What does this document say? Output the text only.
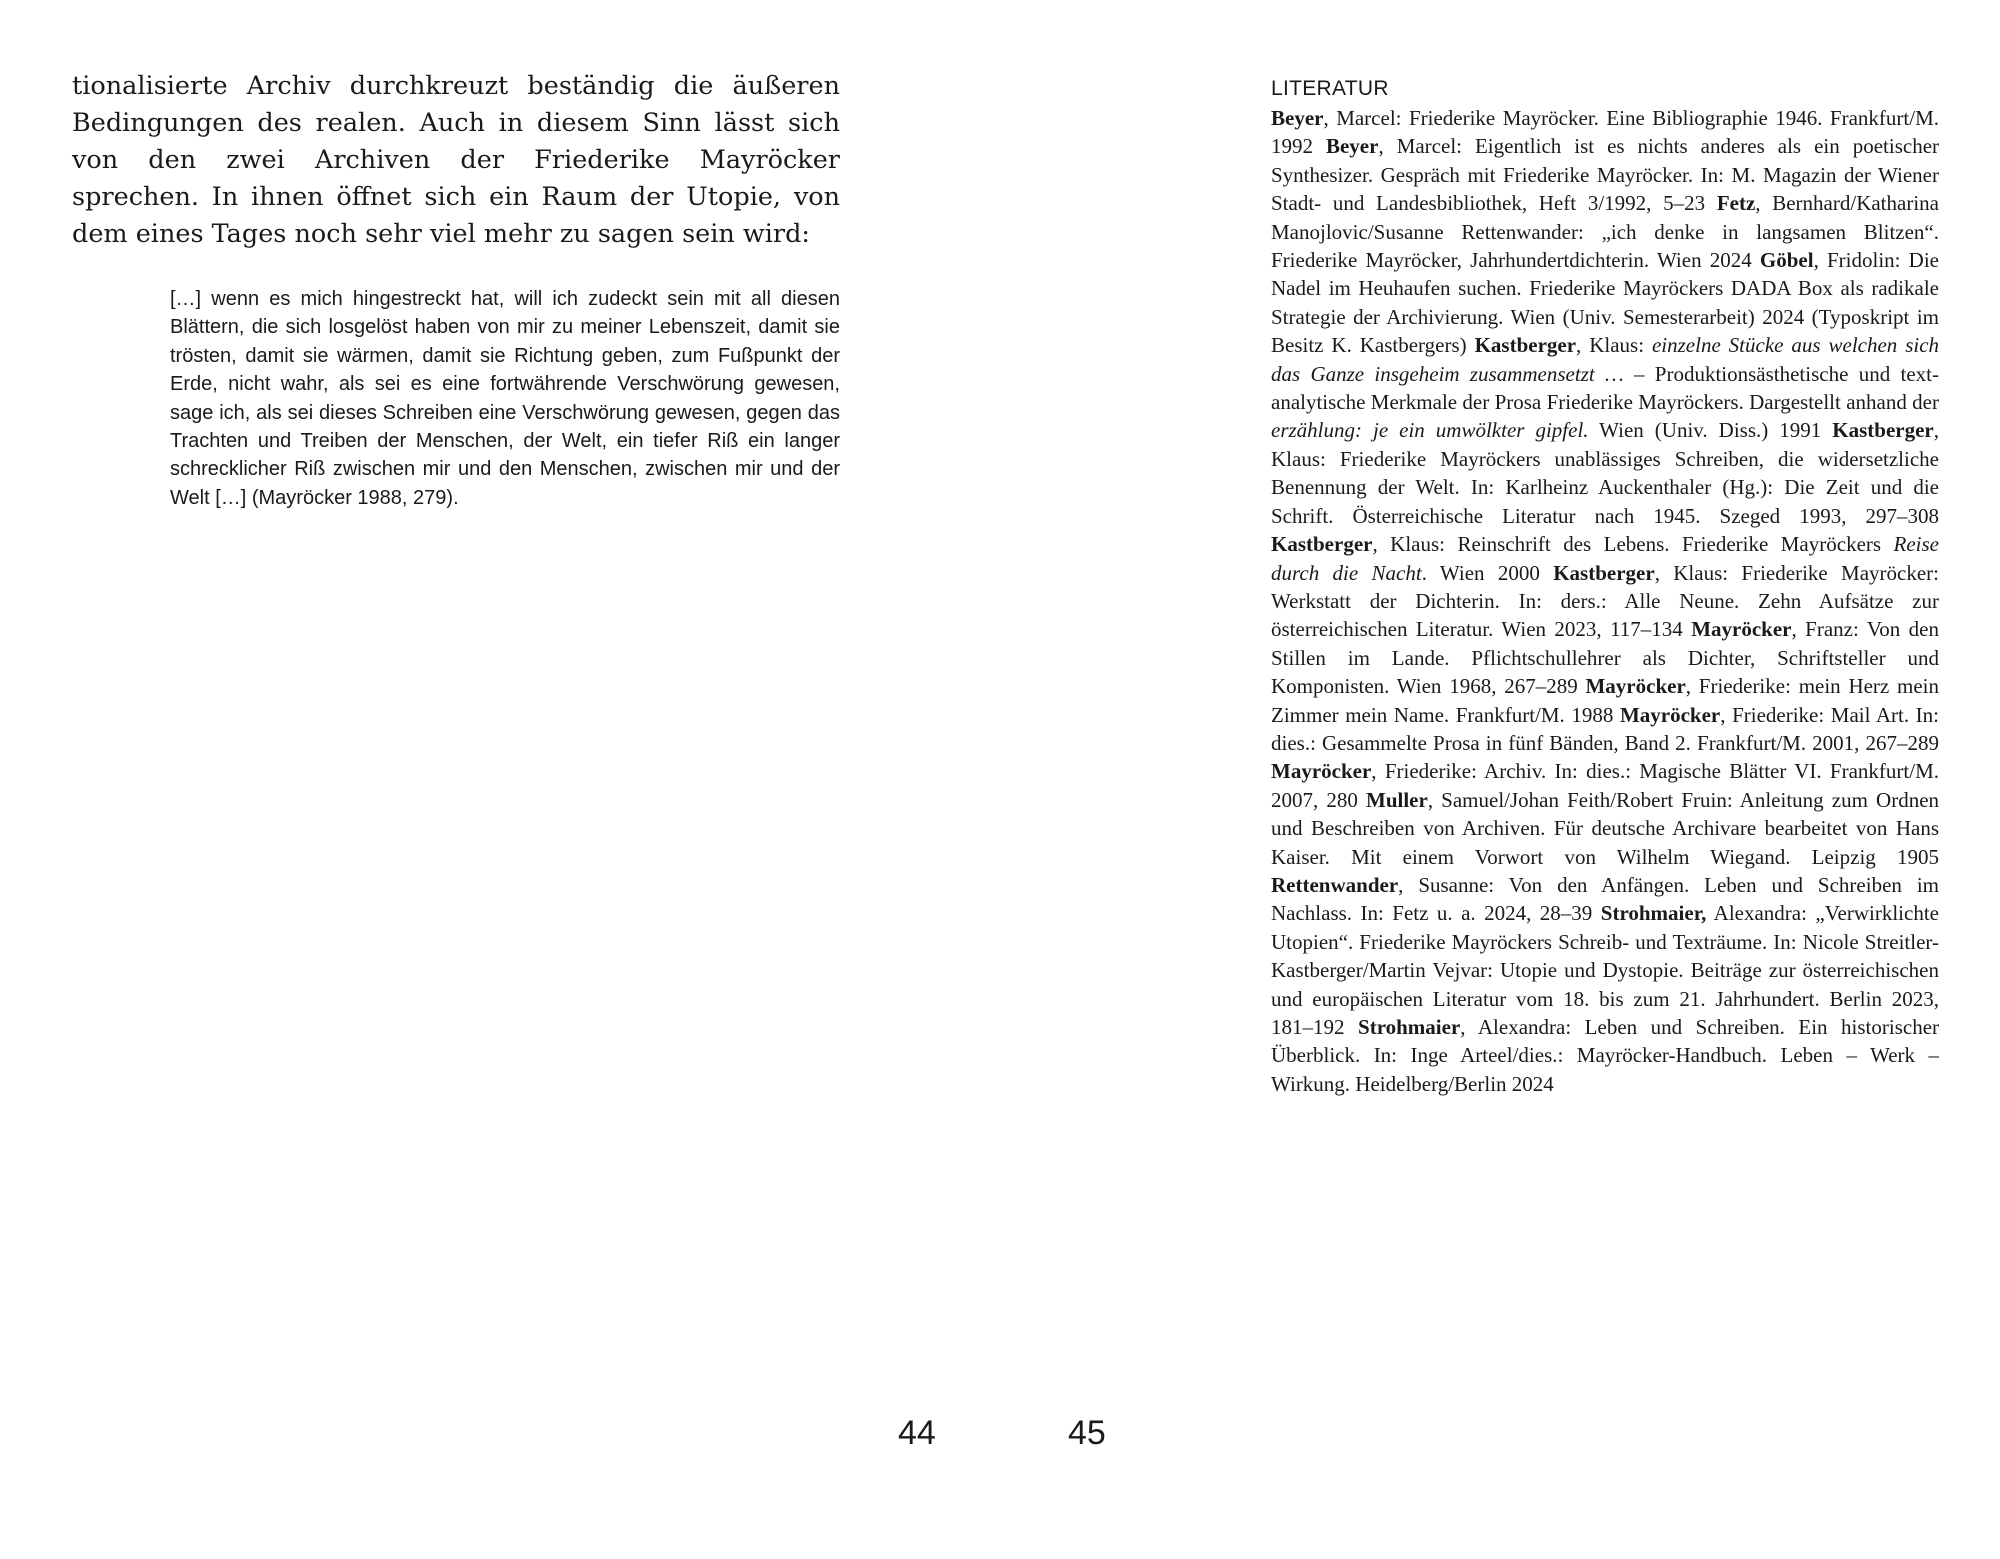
tionalisierte Archiv durchkreuzt beständig die äußeren Bedingungen des realen. Auch in diesem Sinn lässt sich von den zwei Archiven der Friederike Mayröcker sprechen. In ihnen öffnet sich ein Raum der Utopie, von dem eines Tages noch sehr viel mehr zu sagen sein wird:

[…] wenn es mich hingestreckt hat, will ich zudeckt sein mit all diesen Blättern, die sich losgelöst haben von mir zu meiner Lebenszeit, damit sie trösten, damit sie wärmen, damit sie Richtung geben, zum Fußpunkt der Erde, nicht wahr, als sei es eine fortwährende Verschwörung gewesen, sage ich, als sei dieses Schreiben eine Verschwörung gewesen, gegen das Trachten und Treiben der Menschen, der Welt, ein tiefer Riß ein langer schrecklicher Riß zwischen mir und den Menschen, zwischen mir und der Welt […] (Mayröcker 1988, 279).
44
LITERATUR
Beyer, Marcel: Friederike Mayröcker. Eine Bibliographie 1946. Frankfurt/M. 1992 Beyer, Marcel: Eigentlich ist es nichts anderes als ein poetischer Synthesizer. Gespräch mit Friederike Mayröcker. In: M. Magazin der Wiener Stadt- und Landesbibliothek, Heft 3/1992, 5–23 Fetz, Bernhard/Katharina Manojlovic/Susanne Rettenwander: „ich denke in langsamen Blitzen“. Friederike Mayröcker, Jahrhundertdichterin. Wien 2024 Göbel, Fridolin: Die Nadel im Heuhaufen suchen. Friederike Mayröckers DADA Box als radikale Strategie der Archivierung. Wien (Univ. Semesterarbeit) 2024 (Typoskript im Besitz K. Kastbergers) Kastberger, Klaus: einzelne Stücke aus welchen sich das Ganze insgeheim zusammensetzt … – Produktionsästhetische und textanalytische Merkmale der Prosa Friederike Mayröckers. Dargestellt anhand der erzählung: je ein umwölkter gipfel. Wien (Univ. Diss.) 1991 Kastberger, Klaus: Friederike Mayröckers unablässiges Schreiben, die widersetzliche Benennung der Welt. In: Karlheinz Auckenthaler (Hg.): Die Zeit und die Schrift. Österreichische Literatur nach 1945. Szeged 1993, 297–308 Kastberger, Klaus: Reinschrift des Lebens. Friederike Mayröckers Reise durch die Nacht. Wien 2000 Kastberger, Klaus: Friederike Mayröcker: Werkstatt der Dichterin. In: ders.: Alle Neune. Zehn Aufsätze zur österreichischen Literatur. Wien 2023, 117–134 Mayröcker, Franz: Von den Stillen im Lande. Pflichtschullehrer als Dichter, Schriftsteller und Komponisten. Wien 1968, 267–289 Mayröcker, Friederike: mein Herz mein Zimmer mein Name. Frankfurt/M. 1988 Mayröcker, Friederike: Mail Art. In: dies.: Gesammelte Prosa in fünf Bänden, Band 2. Frankfurt/M. 2001, 267–289 Mayröcker, Friederike: Archiv. In: dies.: Magische Blätter VI. Frankfurt/M. 2007, 280 Muller, Samuel/Johan Feith/Robert Fruin: Anleitung zum Ordnen und Beschreiben von Archiven. Für deutsche Archivare bearbeitet von Hans Kaiser. Mit einem Vorwort von Wilhelm Wiegand. Leipzig 1905 Rettenwander, Susanne: Von den Anfängen. Leben und Schreiben im Nachlass. In: Fetz u. a. 2024, 28–39 Strohmaier, Alexandra: „Verwirklichte Utopien“. Friederike Mayröckers Schreib- und Texträume. In: Nicole Streitler-Kastberger/Martin Vejvar: Utopie und Dystopie. Beiträge zur österreichischen und europäischen Literatur vom 18. bis zum 21. Jahrhundert. Berlin 2023, 181–192 Strohmaier, Alexandra: Leben und Schreiben. Ein historischer Überblick. In: Inge Arteel/dies.: Mayröcker-Handbuch. Leben – Werk – Wirkung. Heidelberg/Berlin 2024
45
